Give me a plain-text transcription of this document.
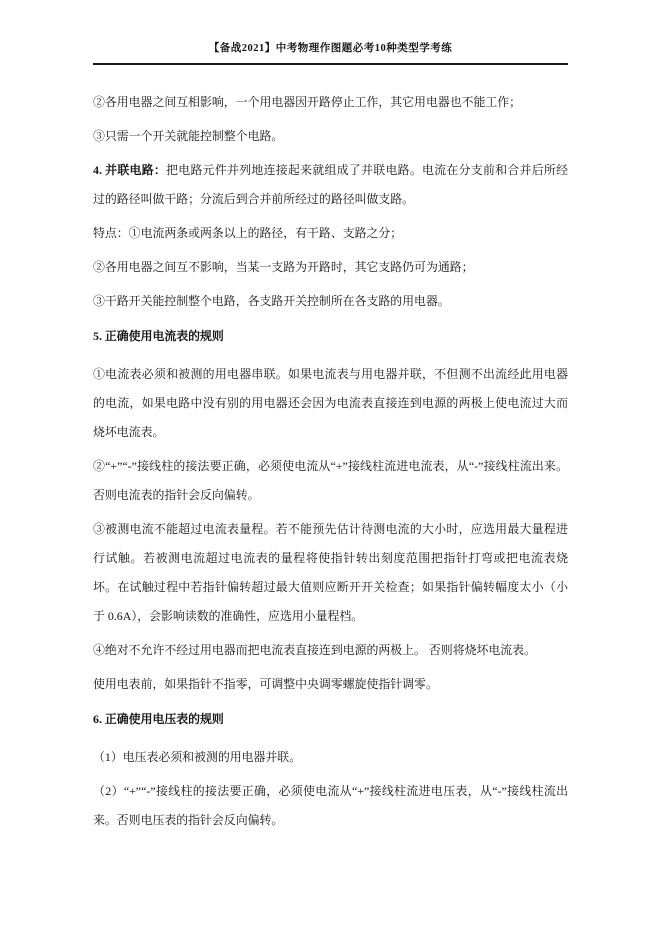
【备战2021】中考物理作图题必考10种类型学考练

②各用电器之间互相影响，一个用电器因开路停止工作，其它用电器也不能工作；

③只需一个开关就能控制整个电路。

4. 并联电路：把电路元件并列地连接起来就组成了并联电路。电流在分支前和合并后所经过的路径叫做干路；分流后到合并前所经过的路径叫做支路。

特点：①电流两条或两条以上的路径，有干路、支路之分；

②各用电器之间互不影响，当某一支路为开路时，其它支路仍可为通路；

③干路开关能控制整个电路，各支路开关控制所在各支路的用电器。

5. 正确使用电流表的规则

①电流表必须和被测的用电器串联。如果电流表与用电器并联，不但测不出流经此用电器的电流，如果电路中没有别的用电器还会因为电流表直接连到电源的两极上使电流过大而烧坏电流表。

②“+”“-”接线柱的接法要正确，必须使电流从“+”接线柱流进电流表，从“-”接线柱流出来。否则电流表的指针会反向偏转。

③被测电流不能超过电流表量程。若不能预先估计待测电流的大小时，应选用最大量程进行试触。若被测电流超过电流表的量程将使指针转出刻度范围把指针打弯或把电流表烧坏。在试触过程中若指针偏转超过最大值则应断开开关检查；如果指针偏转幅度太小（小于 0.6A），会影响读数的准确性，应选用小量程档。

④绝对不允许不经过用电器而把电流表直接连到电源的两极上。 否则将烧坏电流表。

使用电表前，如果指针不指零，可调整中央调零螺旋使指针调零。

6. 正确使用电压表的规则

（1）电压表必须和被测的用电器并联。

（2）“+”“-”接线柱的接法要正确，必须使电流从“+”接线柱流进电压表，从“-”接线柱流出来。否则电压表的指针会反向偏转。
